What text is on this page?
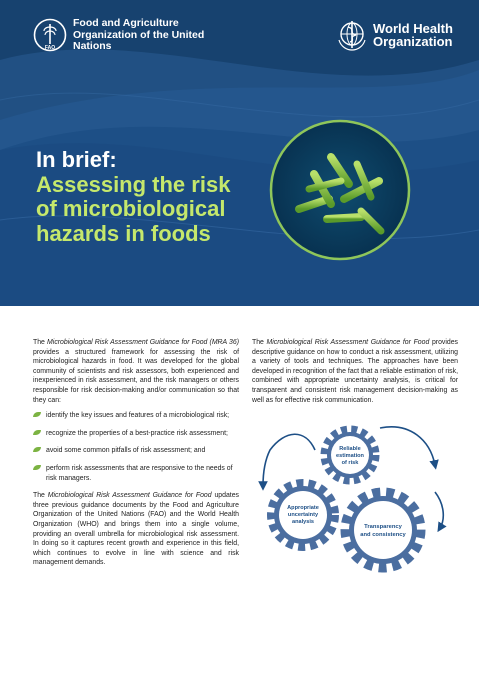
FAO
Food and Agriculture Organization of the United Nations
World Health Organization
In brief:
Assessing the risk
of microbiological
hazards in foods

The Microbiological Risk Assessment Guidance for Food (MRA 36) provides a structured framework for assessing the risk of microbiological hazards in food. It was developed for the global community of scientists and risk assessors, both experienced and inexperienced in risk assessment, and the risk managers or others responsible for risk decision-making and/or communication so that they can:

identify the key issues and features of a microbiological risk;
recognize the properties of a best-practice risk assessment;
avoid some common pitfalls of risk assessment; and
perform risk assessments that are responsive to the needs of risk managers.

The Microbiological Risk Assessment Guidance for Food updates three previous guidance documents by the Food and Agriculture Organization of the United Nations (FAO) and the World Health Organization (WHO) and brings them into a single volume, providing an overall umbrella for microbiological risk assessment. In doing so it captures recent growth and experience in this field, which continues to evolve in line with science and risk management demands.

The Microbiological Risk Assessment Guidance for Food provides descriptive guidance on how to conduct a risk assessment, utilizing a variety of tools and techniques. The approaches have been developed in recognition of the fact that a reliable estimation of risk, combined with appropriate uncertainty analysis, is critical for transparent and consistent risk management decision-making as well as for effective risk communication.

Reliable
estimation
of risk
Appropriate
uncertainty
analysis
Transparency
and consistency
